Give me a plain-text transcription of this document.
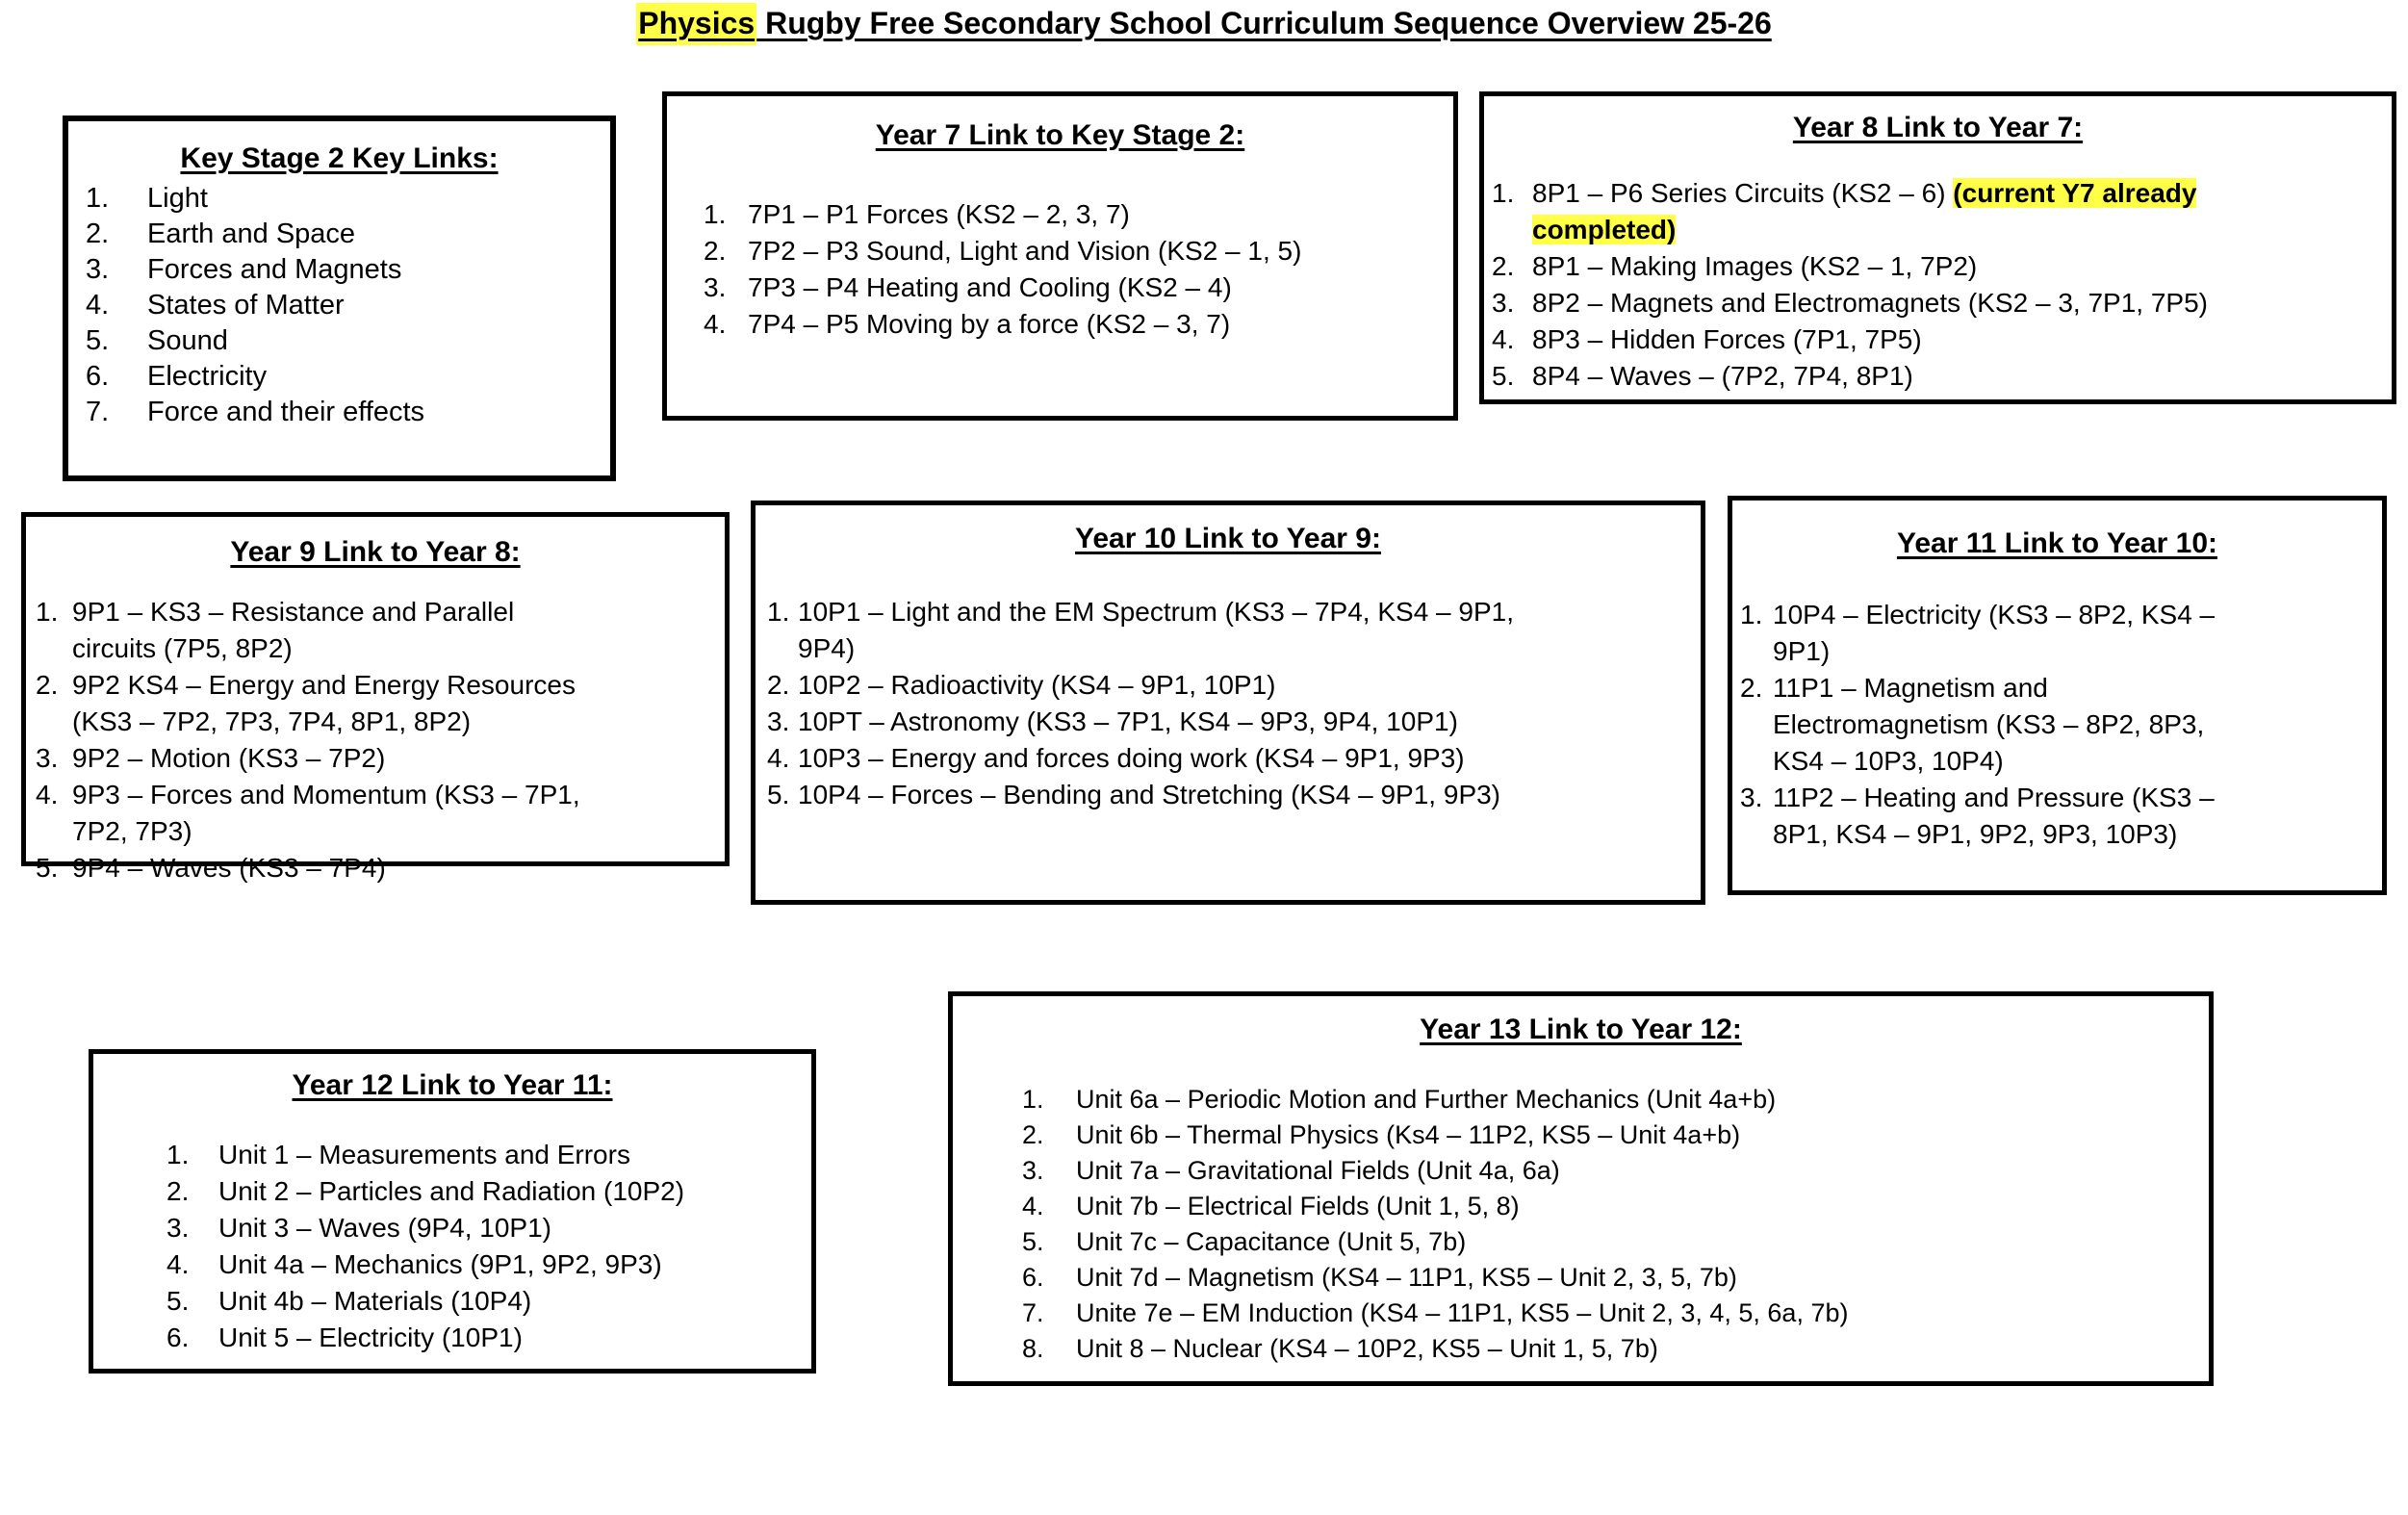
Physics Rugby Free Secondary School Curriculum Sequence Overview 25-26
Key Stage 2 Key Links:
Light
Earth and Space
Forces and Magnets
States of Matter
Sound
Electricity
Force and their effects
Year 7 Link to Key Stage 2:
7P1 – P1 Forces (KS2 – 2, 3, 7)
7P2 – P3 Sound, Light and Vision (KS2 – 1, 5)
7P3 – P4 Heating and Cooling (KS2 – 4)
7P4 – P5 Moving by a force (KS2 – 3, 7)
Year 8 Link to Year 7:
8P1 – P6 Series Circuits (KS2 – 6) (current Y7 already completed)
8P1 – Making Images (KS2 – 1, 7P2)
8P2 – Magnets and Electromagnets (KS2 – 3, 7P1, 7P5)
8P3 – Hidden Forces (7P1, 7P5)
8P4 – Waves – (7P2, 7P4, 8P1)
Year 9 Link to Year 8:
9P1 – KS3 – Resistance and Parallel circuits (7P5, 8P2)
9P2 KS4 – Energy and Energy Resources (KS3 – 7P2, 7P3, 7P4, 8P1, 8P2)
9P2 – Motion (KS3 – 7P2)
9P3 – Forces and Momentum (KS3 – 7P1, 7P2, 7P3)
9P4 – Waves (KS3 – 7P4)
Year 10 Link to Year 9:
10P1 – Light and the EM Spectrum (KS3 – 7P4, KS4 – 9P1, 9P4)
10P2 – Radioactivity (KS4 – 9P1, 10P1)
10PT – Astronomy (KS3 – 7P1, KS4 – 9P3, 9P4, 10P1)
10P3 – Energy and forces doing work (KS4 – 9P1, 9P3)
10P4 – Forces – Bending and Stretching (KS4 – 9P1, 9P3)
Year 11 Link to Year 10:
10P4 – Electricity (KS3 – 8P2, KS4 – 9P1)
11P1 – Magnetism and Electromagnetism (KS3 – 8P2, 8P3, KS4 – 10P3, 10P4)
11P2 – Heating and Pressure (KS3 – 8P1, KS4 – 9P1, 9P2, 9P3, 10P3)
Year 12 Link to Year 11:
Unit 1 – Measurements and Errors
Unit 2 – Particles and Radiation (10P2)
Unit 3 – Waves (9P4, 10P1)
Unit 4a – Mechanics (9P1, 9P2, 9P3)
Unit 4b – Materials (10P4)
Unit 5 – Electricity (10P1)
Year 13 Link to Year 12:
Unit 6a – Periodic Motion and Further Mechanics (Unit 4a+b)
Unit 6b – Thermal Physics (Ks4 – 11P2, KS5 – Unit 4a+b)
Unit 7a – Gravitational Fields (Unit 4a, 6a)
Unit 7b – Electrical Fields (Unit 1, 5, 8)
Unit 7c – Capacitance (Unit 5, 7b)
Unit 7d – Magnetism (KS4 – 11P1, KS5 – Unit 2, 3, 5, 7b)
Unite 7e – EM Induction (KS4 – 11P1, KS5 – Unit 2, 3, 4, 5, 6a, 7b)
Unit 8 – Nuclear (KS4 – 10P2, KS5 – Unit 1, 5, 7b)
